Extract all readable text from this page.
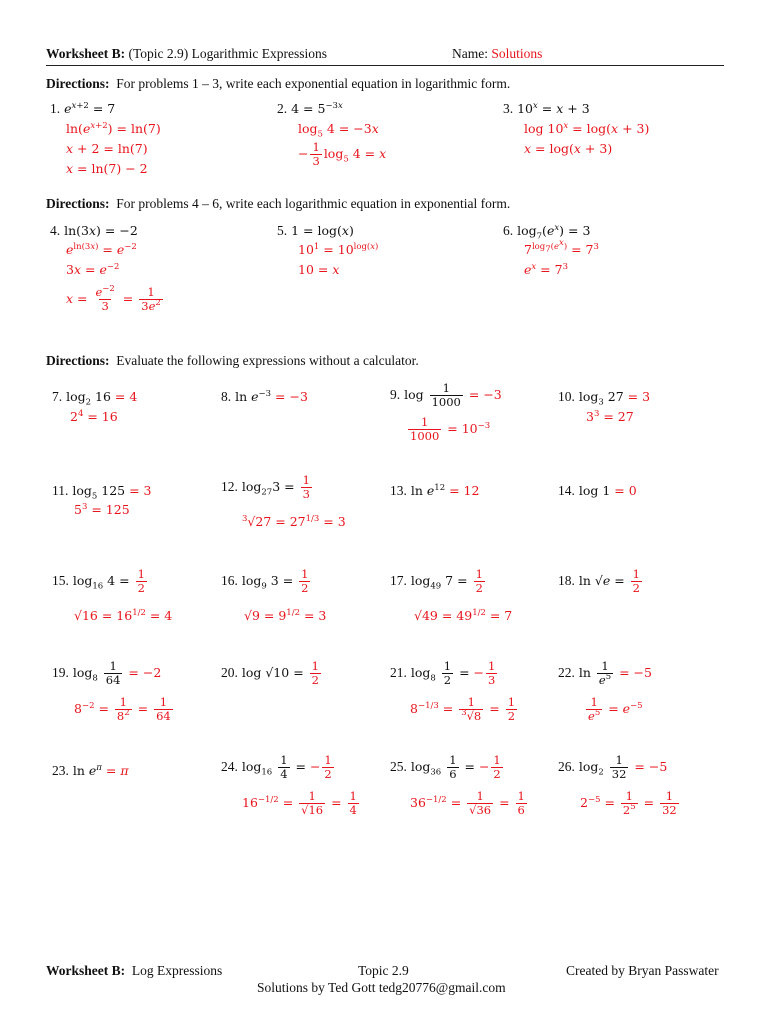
Worksheet B: (Topic 2.9) Logarithmic Expressions	Name: Solutions
Directions: For problems 1 – 3, write each exponential equation in logarithmic form.
1. $e^{x+2} = 7$
$\ln(e^{x+2}) = \ln(7)$
x + 2 = ln(7)
x = ln(7) − 2
2. $4 = 5^{-3x}$
$\log_5 4 = -3x$
− $\frac{1}{3} \log_5 4 = x$
3. $10^x = x + 3$
$\log 10^x = \log(x + 3)$
x = log(x + 3)
Directions: For problems 4 – 6, write each logarithmic equation in exponential form.
4. ln(3x) = −2
$e^{ln(3x)} = e^{-2}$
$3x = e^{-2}$
$x = \frac{e^{-2}}{3} = \frac{1}{3e^2}$
5. 1 = log(x)
$10^1 = 10^{log(x)}$
10 = x
6. $\log_7(e^x) = 3$
$7^{log_7(e^x)} = 7^3$
$e^x = 7^3$
Directions: Evaluate the following expressions without a calculator.
7. $\log_2 16 = 4$
$2^4 = 16$
8. $\ln e^{-3} = -3$	9. $\log \frac{1}{1000} = -3$
$\frac{1}{1000} = 10^{-3}$
10. $\log_3 27 = 3$
$3^3 = 27$
11. $\log_5 125 = 3$
$5^3 = 125$
12. $\log_{27}3 = \frac{1}{3}$
$^3√27 = 27^{1/3} = 3$
13. $\ln e^{12} = 12$	14. log 1 = 0
15. $\log_{16} 4 = \frac{1}{2}$
$√16 = 16^{1/2} = 4$
16. $\log_9 3 = \frac{1}{2}$
$√9 = 9^{1/2} = 3$
17. $\log_{49} 7 = \frac{1}{2}$
$√49 = 49^{1/2} = 7$
18. $\ln √e = \frac{1}{2}$
19. $\log_8 \frac{1}{64} = -2$
$8^{-2} = \frac{1}{8^2} = \frac{1}{64}$
20. $\log √10 = \frac{1}{2}$	21. $\log_8 \frac{1}{2}$ = − $\frac{1}{3}$
$8^{-1/3} = \frac{1}{^3√8} = \frac{1}{2}$
22. $\ln \frac{1}{e^5} = -5$
$\frac{1}{e^5} = e^{-5}$
23. $\ln e^\pi = \pi$	24. $\log_{16} \frac{1}{4}$ = − $\frac{1}{2}$
$16^{-1/2} = \frac{1}{√16} = \frac{1}{4}$
25. $\log_{36} \frac{1}{6}$ = − $\frac{1}{2}$
$36^{-1/2} = \frac{1}{√36} = \frac{1}{6}$
26. $\log_2 \frac{1}{32} = -5$
$2^{-5} = \frac{1}{2^5} = \frac{1}{32}$
Worksheet B: Log Expressions	Topic 2.9	Created by Bryan Passwater
Solutions by Ted Gott tedg20776@gmail.com
